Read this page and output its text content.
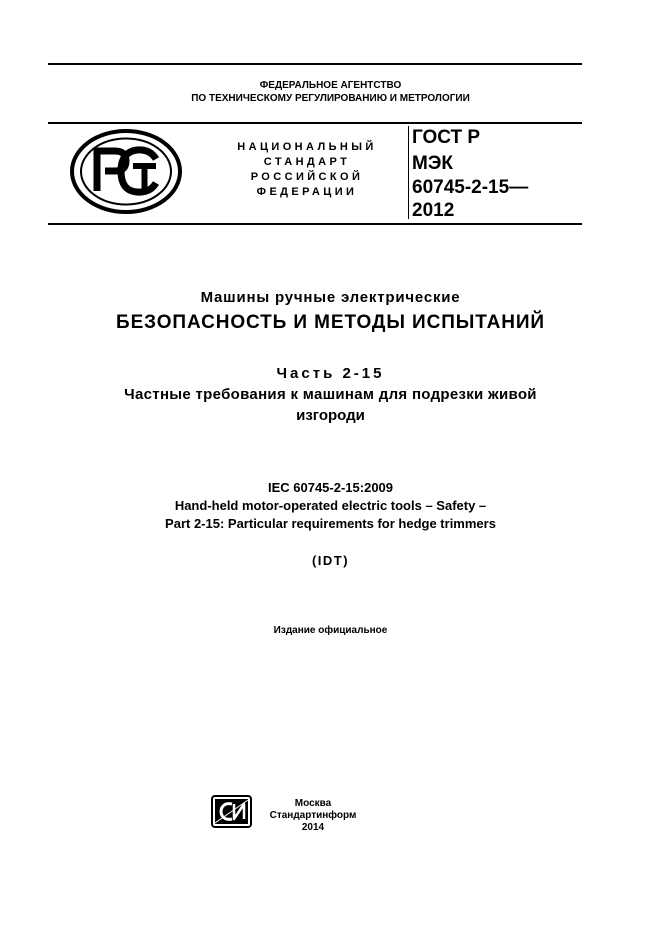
ФЕДЕРАЛЬНОЕ АГЕНТСТВО
ПО ТЕХНИЧЕСКОМУ РЕГУЛИРОВАНИЮ И МЕТРОЛОГИИ
НАЦИОНАЛЬНЫЙ
СТАНДАРТ
РОССИЙСКОЙ
ФЕДЕРАЦИИ
ГОСТ Р
МЭК
60745-2-15—
2012
Машины ручные электрические
БЕЗОПАСНОСТЬ И МЕТОДЫ ИСПЫТАНИЙ
Часть 2-15
Частные требования к машинам для подрезки живой
изгороди
IEC 60745-2-15:2009
Hand-held motor-operated electric tools – Safety –
Part 2-15: Particular requirements for hedge trimmers
(IDT)
Издание официальное
Москва
Стандартинформ
2014
